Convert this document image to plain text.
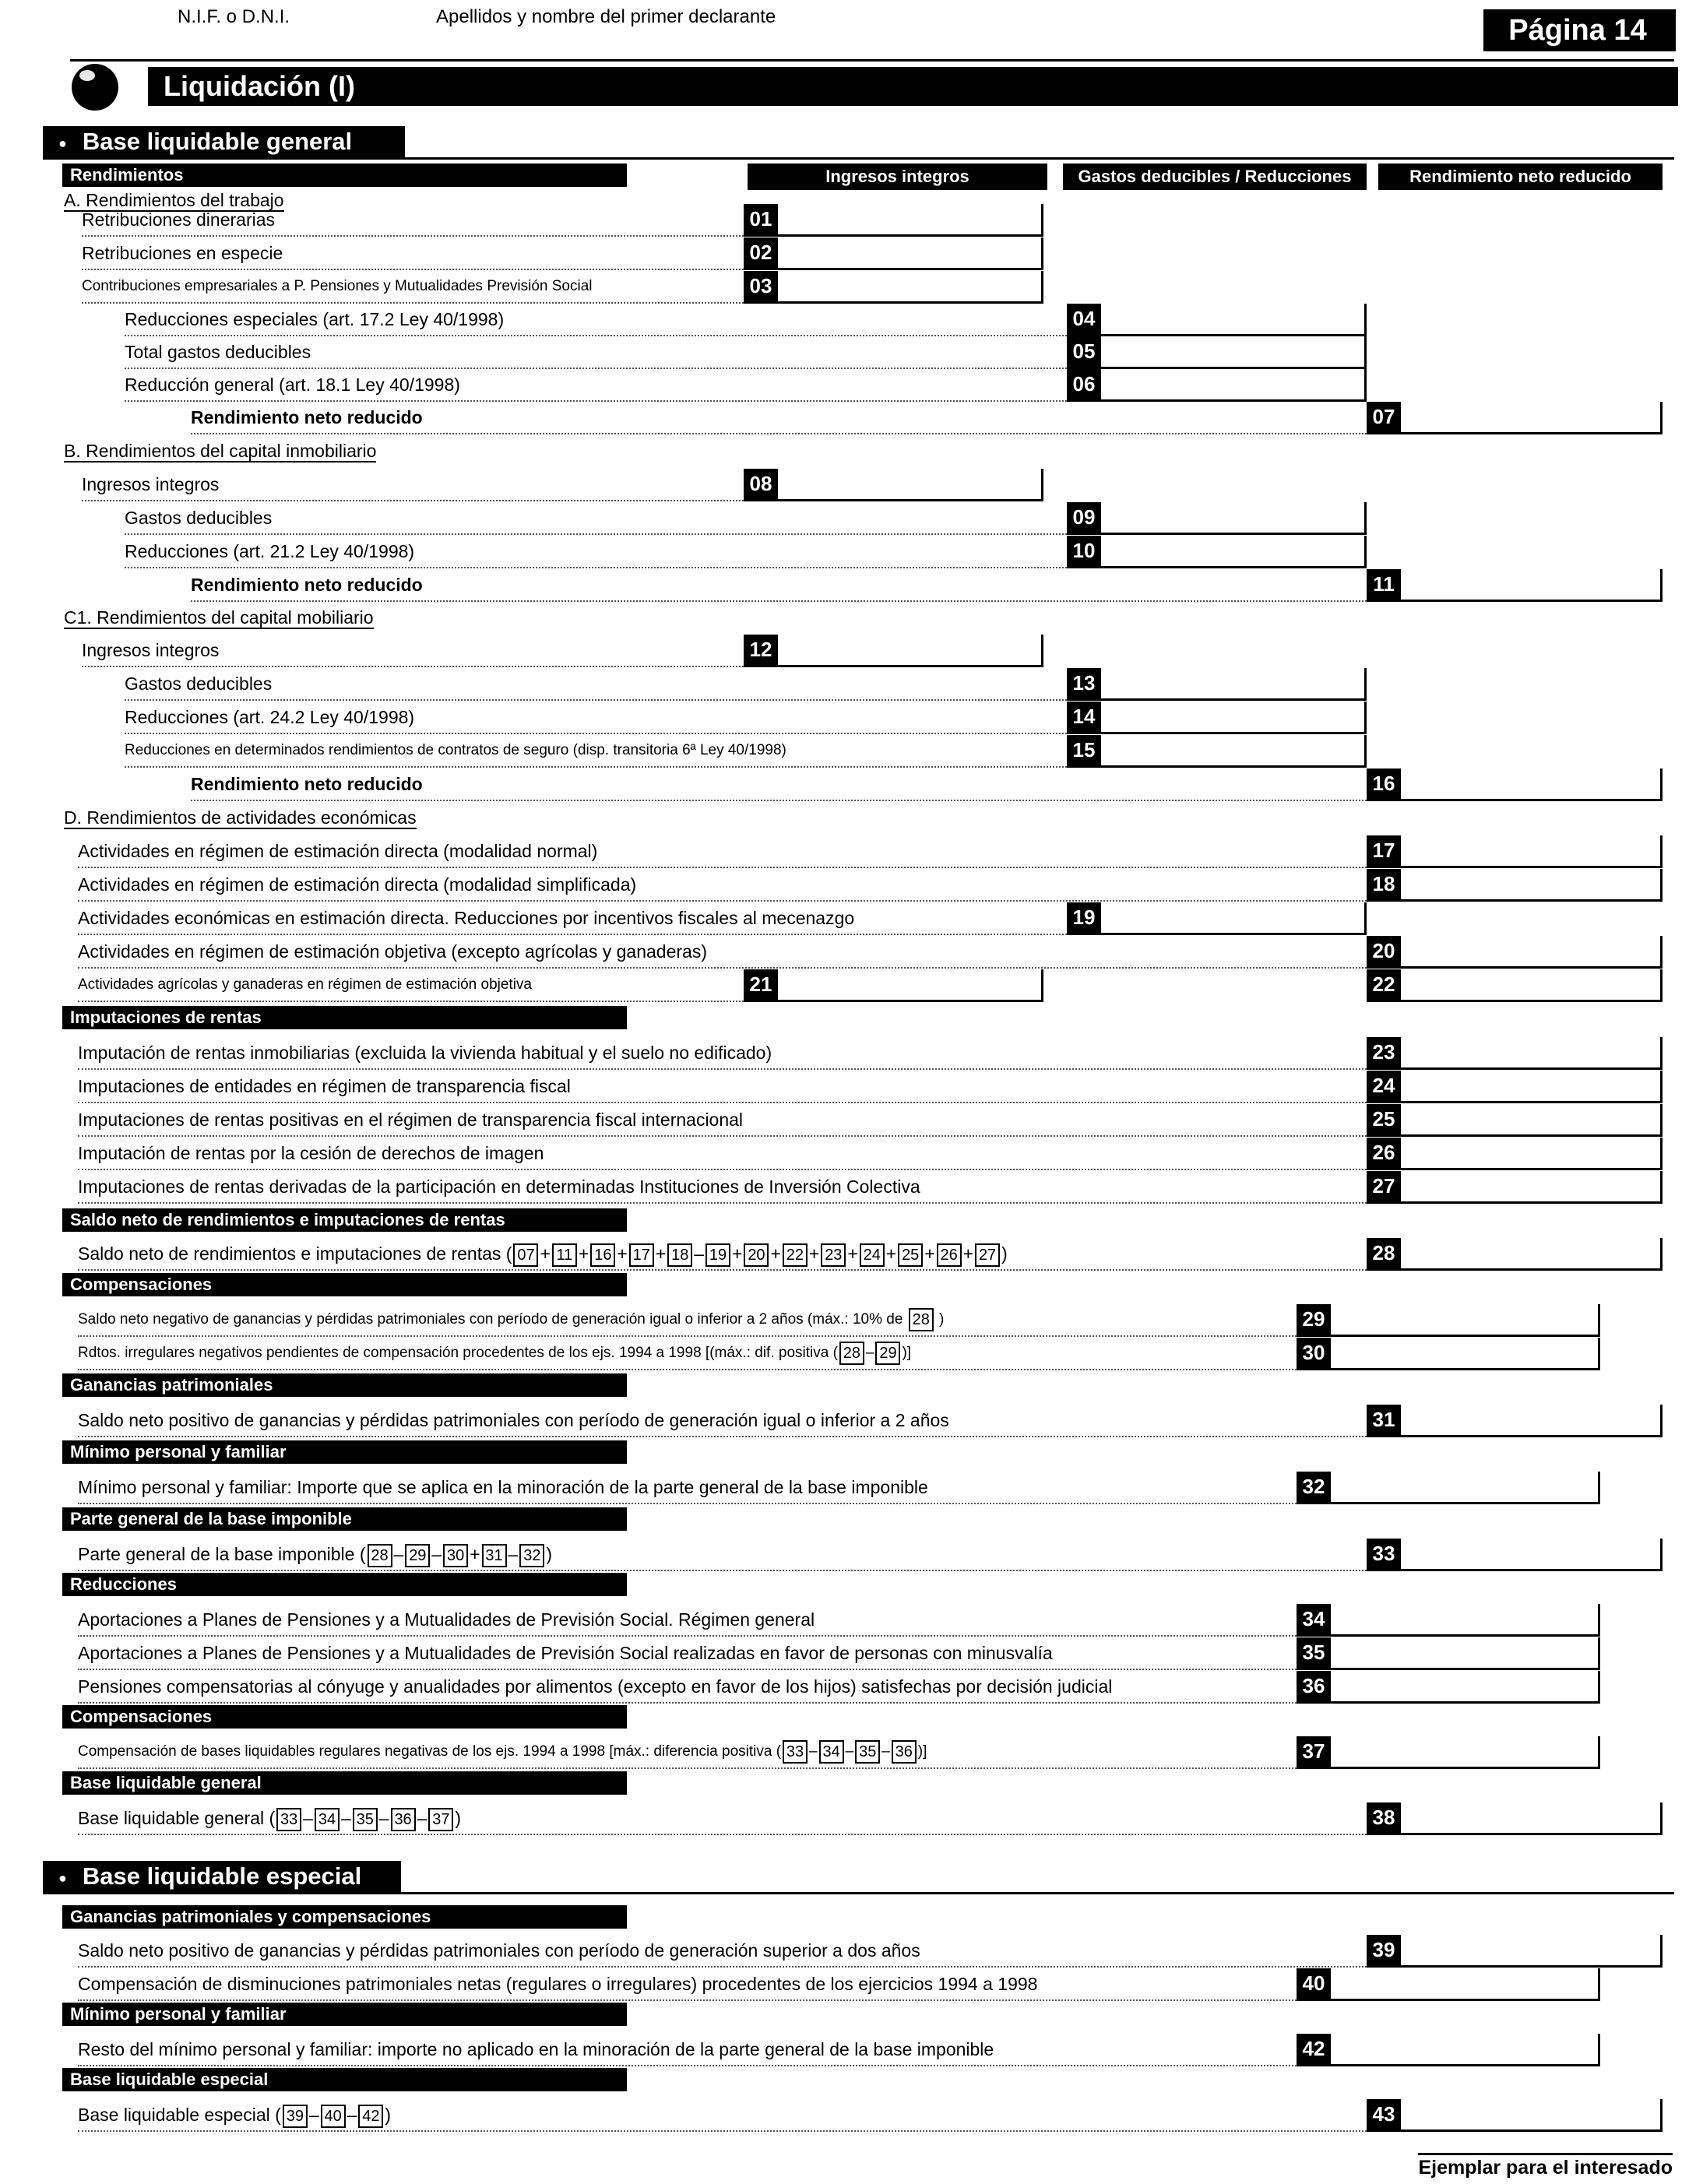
N.I.F. o D.N.I.	Apellidos y nombre del primer declarante	Página 14
Liquidación (I)
● Base liquidable general
Rendimientos	Ingresos integros	Gastos deducibles / Reducciones	Rendimiento neto reducido
A. Rendimientos del trabajo
Retribuciones dinerarias	01
Retribuciones en especie	02
Contribuciones empresariales a P. Pensiones y Mutualidades Previsión Social	03
Reducciones especiales (art. 17.2 Ley 40/1998)	04
Total gastos deducibles	05
Reducción general (art. 18.1 Ley 40/1998)	06
Rendimiento neto reducido	07
B. Rendimientos del capital inmobiliario
Ingresos integros	08
Gastos deducibles	09
Reducciones (art. 21.2 Ley 40/1998)	10
Rendimiento neto reducido	11
C1. Rendimientos del capital mobiliario
Ingresos integros	12
Gastos deducibles	13
Reducciones (art. 24.2 Ley 40/1998)	14
Reducciones en determinados rendimientos de contratos de seguro (disp. transitoria 6ª Ley 40/1998)	15
Rendimiento neto reducido	16
D. Rendimientos de actividades económicas
Actividades en régimen de estimación directa (modalidad normal)	17
Actividades en régimen de estimación directa (modalidad simplificada)	18
Actividades económicas en estimación directa. Reducciones por incentivos fiscales al mecenazgo	19
Actividades en régimen de estimación objetiva (excepto agrícolas y ganaderas)	20
Actividades agrícolas y ganaderas en régimen de estimación objetiva	21	22
Imputaciones de rentas
Imputación de rentas inmobiliarias (excluida la vivienda habitual y el suelo no edificado)	23
Imputaciones de entidades en régimen de transparencia fiscal	24
Imputaciones de rentas positivas en el régimen de transparencia fiscal internacional	25
Imputación de rentas por la cesión de derechos de imagen	26
Imputaciones de rentas derivadas de la participación en determinadas Instituciones de Inversión Colectiva	27
Saldo neto de rendimientos e imputaciones de rentas
Saldo neto de rendimientos e imputaciones de rentas ( 07 + 11 + 16 + 17 + 18 – 19 + 20 + 22 + 23 + 24 + 25 + 26 + 27 )	28
Compensaciones
Saldo neto negativo de ganancias y pérdidas patrimoniales con período de generación igual o inferior a 2 años (máx.: 10% de 28 )	29
Rdtos. irregulares negativos pendientes de compensación procedentes de los ejs. 1994 a 1998 [(máx.: dif. positiva ( 28 – 29 )]	30
Ganancias patrimoniales
Saldo neto positivo de ganancias y pérdidas patrimoniales con período de generación igual o inferior a 2 años	31
Mínimo personal y familiar
Mínimo personal y familiar: Importe que se aplica en la minoración de la parte general de la base imponible	32
Parte general de la base imponible
Parte general de la base imponible ( 28 – 29 – 30 + 31 – 32 )	33
Reducciones
Aportaciones a Planes de Pensiones y a Mutualidades de Previsión Social. Régimen general	34
Aportaciones a Planes de Pensiones y a Mutualidades de Previsión Social realizadas en favor de personas con minusvalía	35
Pensiones compensatorias al cónyuge y anualidades por alimentos (excepto en favor de los hijos) satisfechas por decisión judicial	36
Compensaciones
Compensación de bases liquidables regulares negativas de los ejs. 1994 a 1998 [máx.: diferencia positiva ( 33 – 34 – 35 – 36 )]	37
Base liquidable general
Base liquidable general ( 33 – 34 – 35 – 36 – 37 )	38
● Base liquidable especial
Ganancias patrimoniales y compensaciones
Saldo neto positivo de ganancias y pérdidas patrimoniales con período de generación superior a dos años	39
Compensación de disminuciones patrimoniales netas (regulares o irregulares) procedentes de los ejercicios 1994 a 1998	40
Mínimo personal y familiar
Resto del mínimo personal y familiar: importe no aplicado en la minoración de la parte general de la base imponible	42
Base liquidable especial
Base liquidable especial ( 39 – 40 – 42 )	43
Ejemplar para el interesado
